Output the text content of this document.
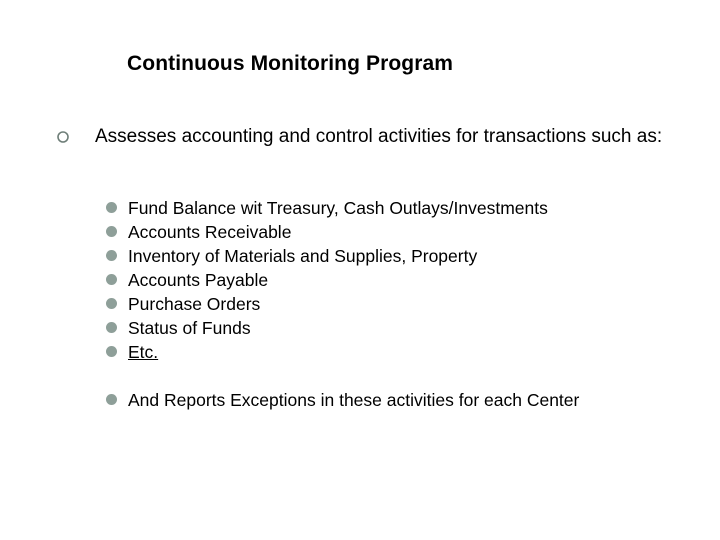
Continuous Monitoring Program
Assesses accounting and control activities for transactions such as:
Fund Balance wit Treasury, Cash Outlays/Investments
Accounts Receivable
Inventory of Materials and Supplies, Property
Accounts Payable
Purchase Orders
Status of Funds
Etc.
And Reports Exceptions in these activities for each Center
